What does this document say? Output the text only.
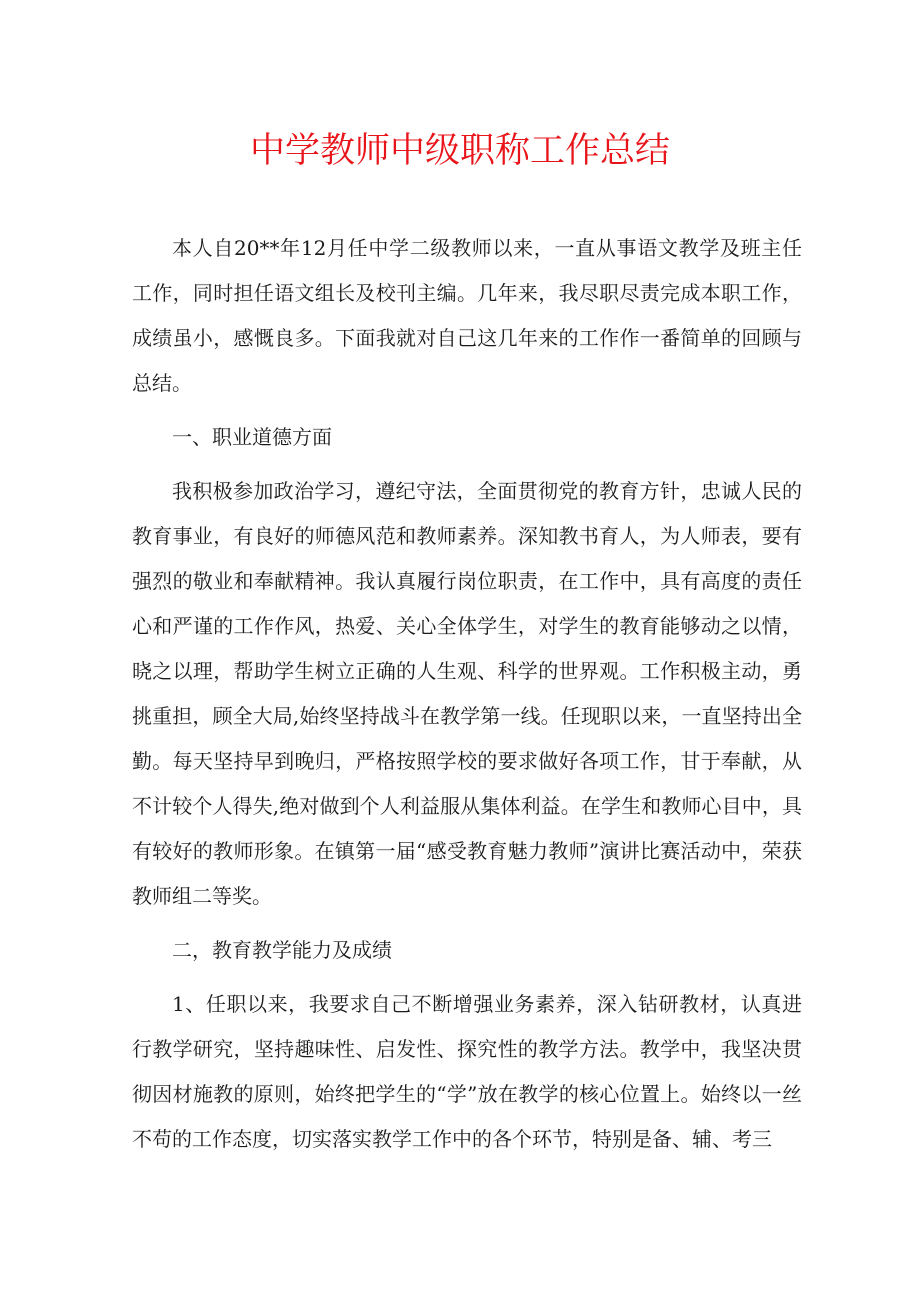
中学教师中级职称工作总结

本人自20**年12月任中学二级教师以来，一直从事语文教学及班主任工作，同时担任语文组长及校刊主编。几年来，我尽职尽责完成本职工作，成绩虽小，感慨良多。下面我就对自己这几年来的工作作一番简单的回顾与总结。

一、职业道德方面

我积极参加政治学习，遵纪守法，全面贯彻党的教育方针，忠诚人民的教育事业，有良好的师德风范和教师素养。深知教书育人，为人师表，要有强烈的敬业和奉献精神。我认真履行岗位职责，在工作中，具有高度的责任心和严谨的工作作风，热爱、关心全体学生，对学生的教育能够动之以情，晓之以理，帮助学生树立正确的人生观、科学的世界观。工作积极主动，勇挑重担，顾全大局,始终坚持战斗在教学第一线。任现职以来，一直坚持出全勤。每天坚持早到晚归，严格按照学校的要求做好各项工作，甘于奉献，从不计较个人得失,绝对做到个人利益服从集体利益。在学生和教师心目中，具有较好的教师形象。在镇第一届“感受教育魅力教师”演讲比赛活动中，荣获教师组二等奖。

二，教育教学能力及成绩

1、任职以来，我要求自己不断增强业务素养，深入钻研教材，认真进行教学研究，坚持趣味性、启发性、探究性的教学方法。教学中，我坚决贯彻因材施教的原则，始终把学生的“学”放在教学的核心位置上。始终以一丝不苟的工作态度，切实落实教学工作中的各个环节，特别是备、辅、考三
